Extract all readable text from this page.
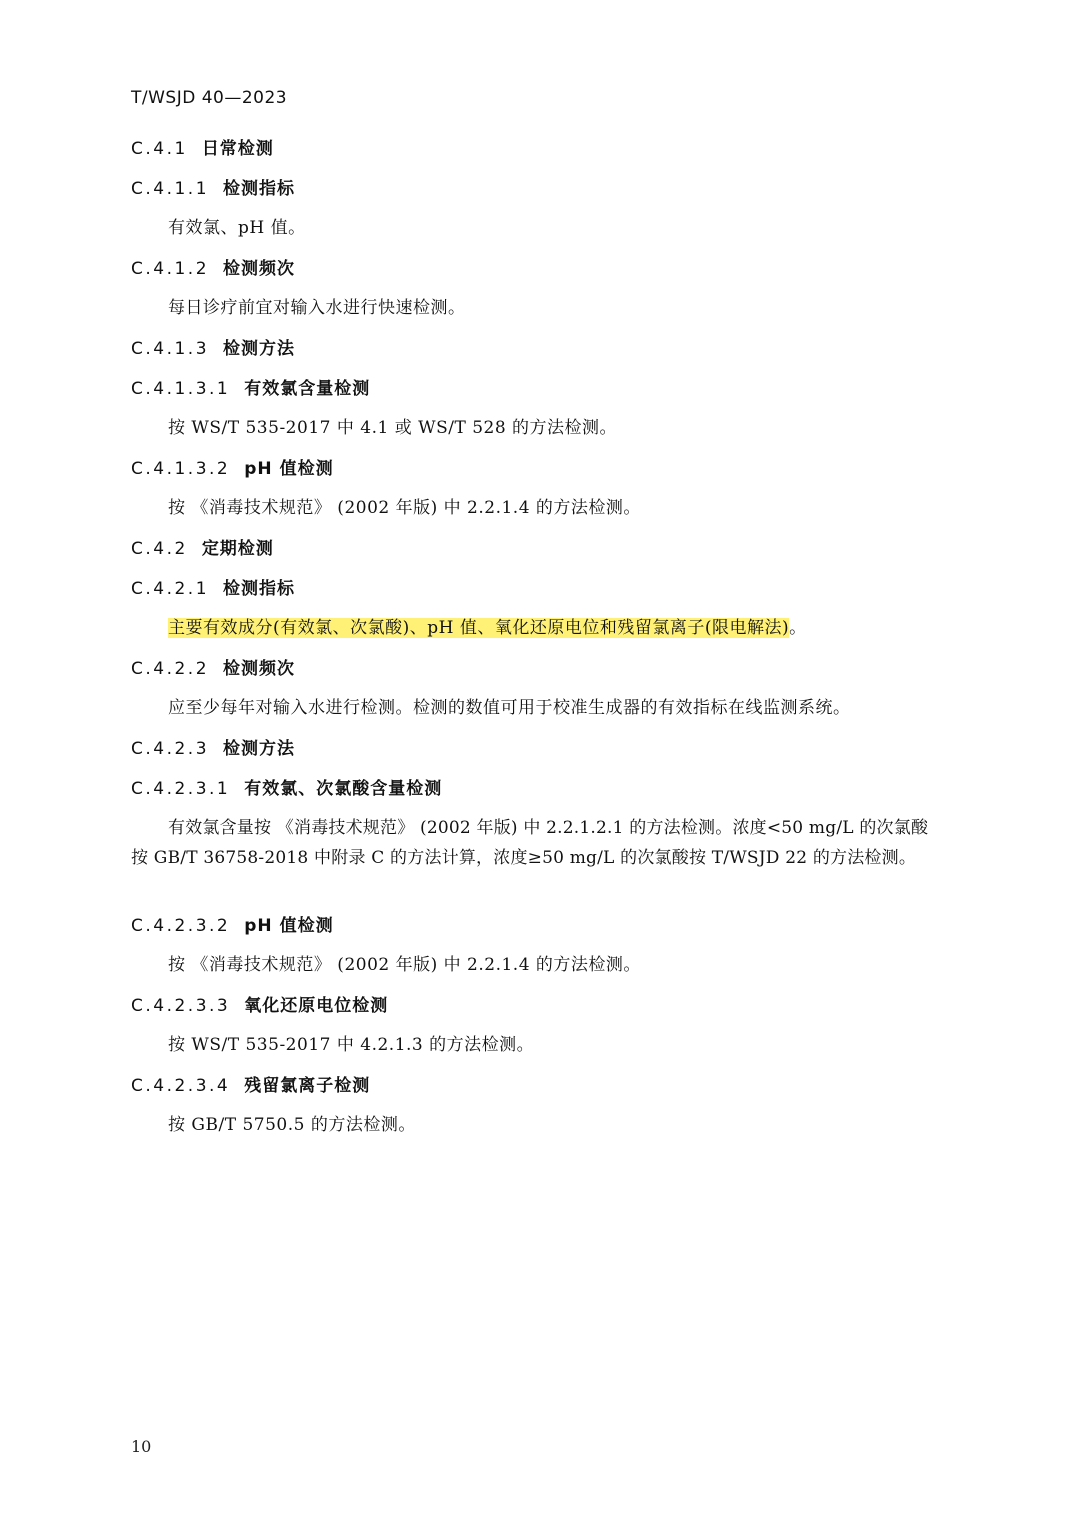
T/WSJD 40—2023
C.4.1 日常检测
C.4.1.1 检测指标
有效氯、pH 值。
C.4.1.2 检测频次
每日诊疗前宜对输入水进行快速检测。
C.4.1.3 检测方法
C.4.1.3.1 有效氯含量检测
按 WS/T 535-2017 中 4.1 或 WS/T 528 的方法检测。
C.4.1.3.2 pH 值检测
按 《消毒技术规范》 (2002 年版) 中 2.2.1.4 的方法检测。
C.4.2 定期检测
C.4.2.1 检测指标
主要有效成分(有效氯、次氯酸)、pH 值、氧化还原电位和残留氯离子(限电解法)。
C.4.2.2 检测频次
应至少每年对输入水进行检测。检测的数值可用于校准生成器的有效指标在线监测系统。
C.4.2.3 检测方法
C.4.2.3.1 有效氯、次氯酸含量检测
有效氯含量按 《消毒技术规范》 (2002 年版) 中 2.2.1.2.1 的方法检测。浓度<50 mg/L 的次氯酸
按 GB/T 36758-2018 中附录 C 的方法计算，浓度≥50 mg/L 的次氯酸按 T/WSJD 22 的方法检测。
C.4.2.3.2 pH 值检测
按 《消毒技术规范》 (2002 年版) 中 2.2.1.4 的方法检测。
C.4.2.3.3 氧化还原电位检测
按 WS/T 535-2017 中 4.2.1.3 的方法检测。
C.4.2.3.4 残留氯离子检测
按 GB/T 5750.5 的方法检测。
10
